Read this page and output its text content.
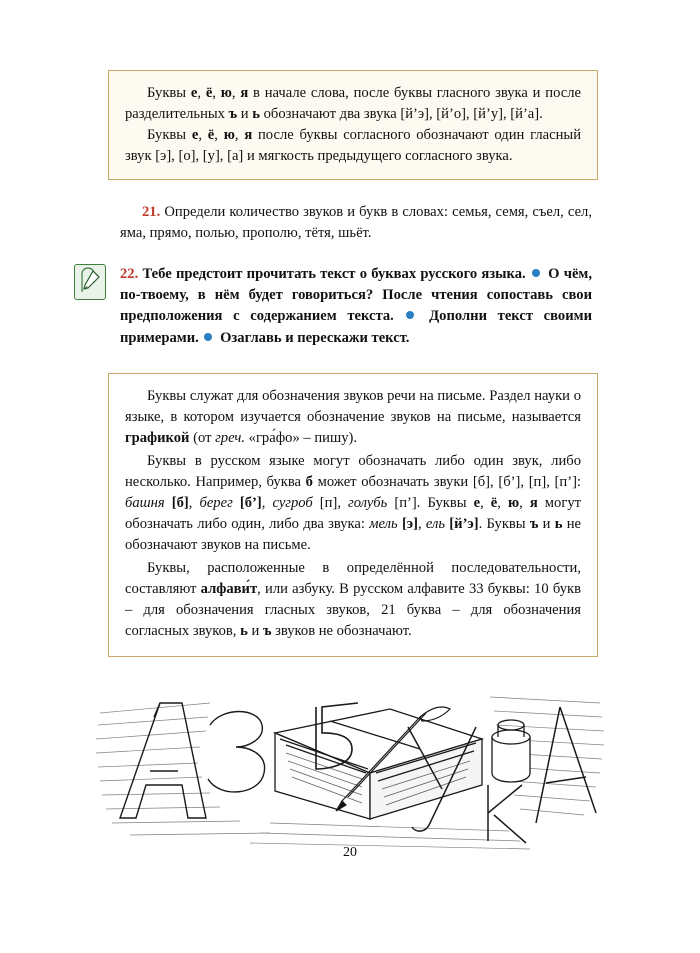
Буквы е, ё, ю, я в начале слова, после буквы гласного звука и после разделительных ъ и ь обозначают два звука [й’э], [й’о], [й’у], [й’а].

Буквы е, ё, ю, я после буквы согласного обозначают один гласный звук [э], [о], [у], [а] и мягкость предыдущего согласного звука.

21. Определи количество звуков и букв в словах: семья, семя, съел, сел, яма, прямо, полью, прополю, тётя, шьёт.
22. Тебе предстоит прочитать текст о буквах русского языка. О чём, по-твоему, в нём будет говориться? После чтения сопоставь свои предположения с содержанием текста. Дополни текст своими примерами. Озаглавь и перескажи текст.

Буквы служат для обозначения звуков речи на письме. Раздел науки о языке, в котором изучается обозначение звуков на письме, называется графикой (от греч. «гра́фо» – пишу).

Буквы в русском языке могут обозначать либо один звук, либо несколько. Например, буква б может обозначать звуки [б], [б’], [п], [п’]: башня [б], берег [б’], сугроб [п], голубь [п’]. Буквы е, ё, ю, я могут обозначать либо один, либо два звука: мель [э], ель [й’э]. Буквы ъ и ь не обозначают звуков на письме.

Буквы, расположенные в определённой последовательности, составляют алфави́т, или азбуку. В русском алфавите 33 буквы: 10 букв – для обозначения гласных звуков, 21 буква – для обозначения согласных звуков, ь и ъ звуков не обозначают.

20
